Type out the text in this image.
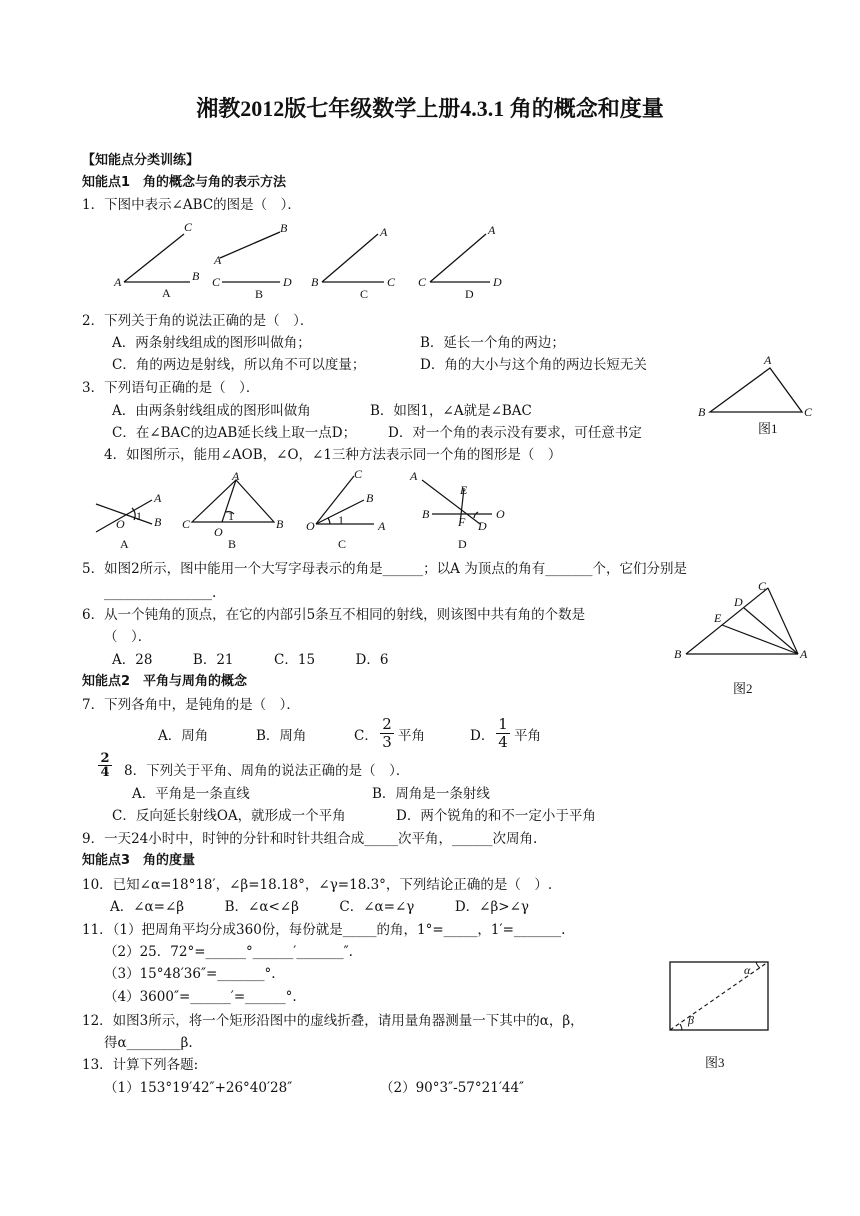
湘教2012版七年级数学上册4.3.1 角的概念和度量
【知能点分类训练】
知能点1　角的概念与角的表示方法
1．下图中表示∠ABC的图是（　）．
C
A	B
A
B
A
C	D
B
A
B	C
C
A
C	D
D
2．下列关于角的说法正确的是（　）．
A．两条射线组成的图形叫做角；	B．延长一个角的两边；
C．角的两边是射线，所以角不可以度量；	D．角的大小与这个角的两边长短无关
3．下列语句正确的是（　）．
A．由两条射线组成的图形叫做角	B．如图1，∠A就是∠BAC
C．在∠BAC的边AB延长线上取一点D； D．对一个角的表示没有要求，可任意书定
A
B	C
图1
4．如图所示，能用∠AOB，∠O，∠1三种方法表示同一个角的图形是（　）
A
O
1 B
A
A
C
O
1
B
B
C
B
O 1	A
C
A
E
B
F D
O
D
5．如图2所示，图中能用一个大写字母表示的角是______；以A 为顶点的角有_______个，它们分别是
________________.
6．从一个钝角的顶点，在它的内部引5条互不相同的射线，则该图中共有角的个数是
（　）．
A．28　　　B．21　　　C．15　　　D．6
C
D
E
B	A
图2
知能点2　平角与周角的概念
7．下列各角中，是钝角的是（　）．
A．周角	B．周角	C． $\frac{2}{3}$ 平角	D． $\frac{1}{4}$ 平角
$\frac{2}{4} 8$．下列关于平角、周角的说法正确的是（　）．
A．平角是一条直线	B．周角是一条射线
C．反向延长射线OA，就形成一个平角	D．两个锐角的和不一定小于平角
9．一天24小时中，时钟的分针和时针共组合成_____次平角，______次周角.
知能点3　角的度量
10．已知∠α=18°18′，∠β=18.18°，∠γ=18.3°，下列结论正确的是（　）.
A．∠α=∠β　　　B．∠α<∠β　　　C．∠α=∠γ　　　D．∠β>∠γ
11．（1）把周角平均分成360份，每份就是_____的角，1°=_____，1′=_______.
（2）25．72°=______°______′_______″.
（3）15°48′36″=_______°.
（4）3600″=______′=______°.
12．如图3所示，将一个矩形沿图中的虚线折叠，请用量角器测量一下其中的α，β，
得α________β.
α
β
图3
13．计算下列各题:
（1）153°19′42″+26°40′28″	（2）90°3″-57°21′44″
